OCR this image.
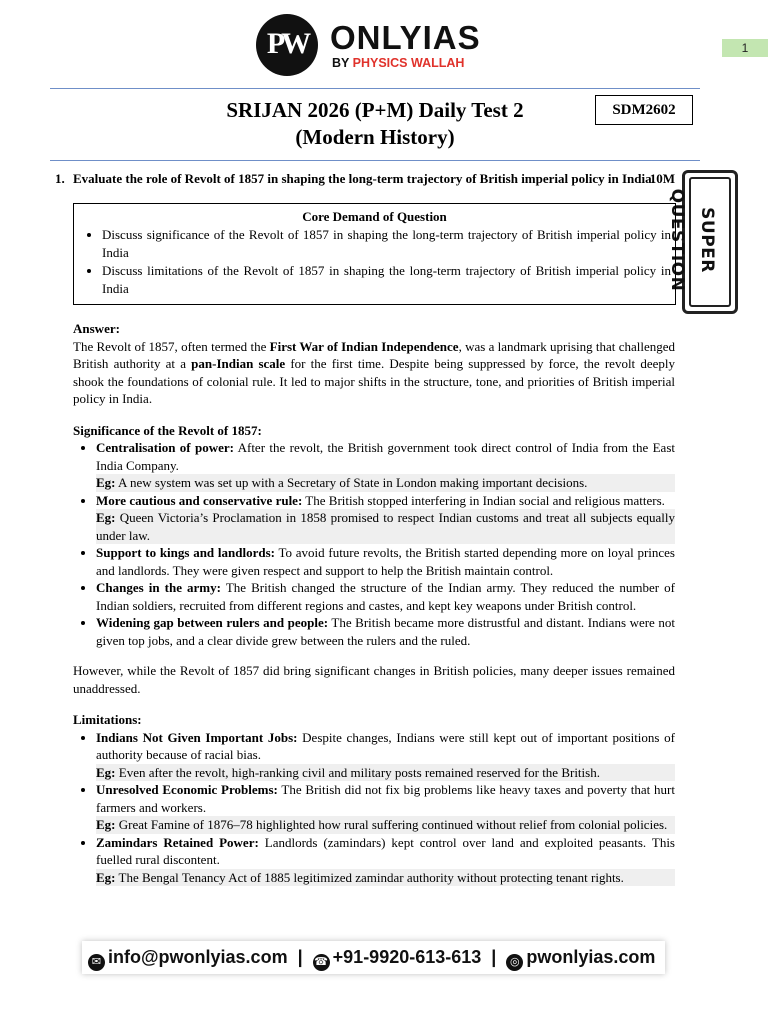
PW ONLYIAS
BY PHYSICS WALLAH
1
SRIJAN 2026 (P+M) Daily Test 2
(Modern History)
SDM2602
SUPER QUESTION
1. Evaluate the role of Revolt of 1857 in shaping the long-term trajectory of British imperial policy in India.
10M
Core Demand of Question
• Discuss significance of the Revolt of 1857 in shaping the long-term trajectory of British imperial policy in India
• Discuss limitations of the Revolt of 1857 in shaping the long-term trajectory of British imperial policy in India

Answer:

The Revolt of 1857, often termed the First War of Indian Independence, was a landmark uprising that challenged British authority at a pan-Indian scale for the first time. Despite being suppressed by force, the revolt deeply shook the foundations of colonial rule. It led to major shifts in the structure, tone, and priorities of British imperial policy in India.

Significance of the Revolt of 1857:

• Centralisation of power: After the revolt, the British government took direct control of India from the East India Company.
Eg: A new system was set up with a Secretary of State in London making important decisions.
• More cautious and conservative rule: The British stopped interfering in Indian social and religious matters.
Eg: Queen Victoria’s Proclamation in 1858 promised to respect Indian customs and treat all subjects equally under law.
• Support to kings and landlords: To avoid future revolts, the British started depending more on loyal princes and landlords. They were given respect and support to help the British maintain control.
• Changes in the army: The British changed the structure of the Indian army. They reduced the number of Indian soldiers, recruited from different regions and castes, and kept key weapons under British control.
• Widening gap between rulers and people: The British became more distrustful and distant. Indians were not given top jobs, and a clear divide grew between the rulers and the ruled.

However, while the Revolt of 1857 did bring significant changes in British policies, many deeper issues remained unaddressed.

Limitations:

• Indians Not Given Important Jobs: Despite changes, Indians were still kept out of important positions of authority because of racial bias.
Eg: Even after the revolt, high-ranking civil and military posts remained reserved for the British.
• Unresolved Economic Problems: The British did not fix big problems like heavy taxes and poverty that hurt farmers and workers.
Eg: Great Famine of 1876–78 highlighted how rural suffering continued without relief from colonial policies.
• Zamindars Retained Power: Landlords (zamindars) kept control over land and exploited peasants. This fuelled rural discontent.
Eg: The Bengal Tenancy Act of 1885 legitimized zamindar authority without protecting tenant rights.
✉ info@pwonlyias.com | ☎ +91-9920-613-613 | ◎ pwonlyias.com
